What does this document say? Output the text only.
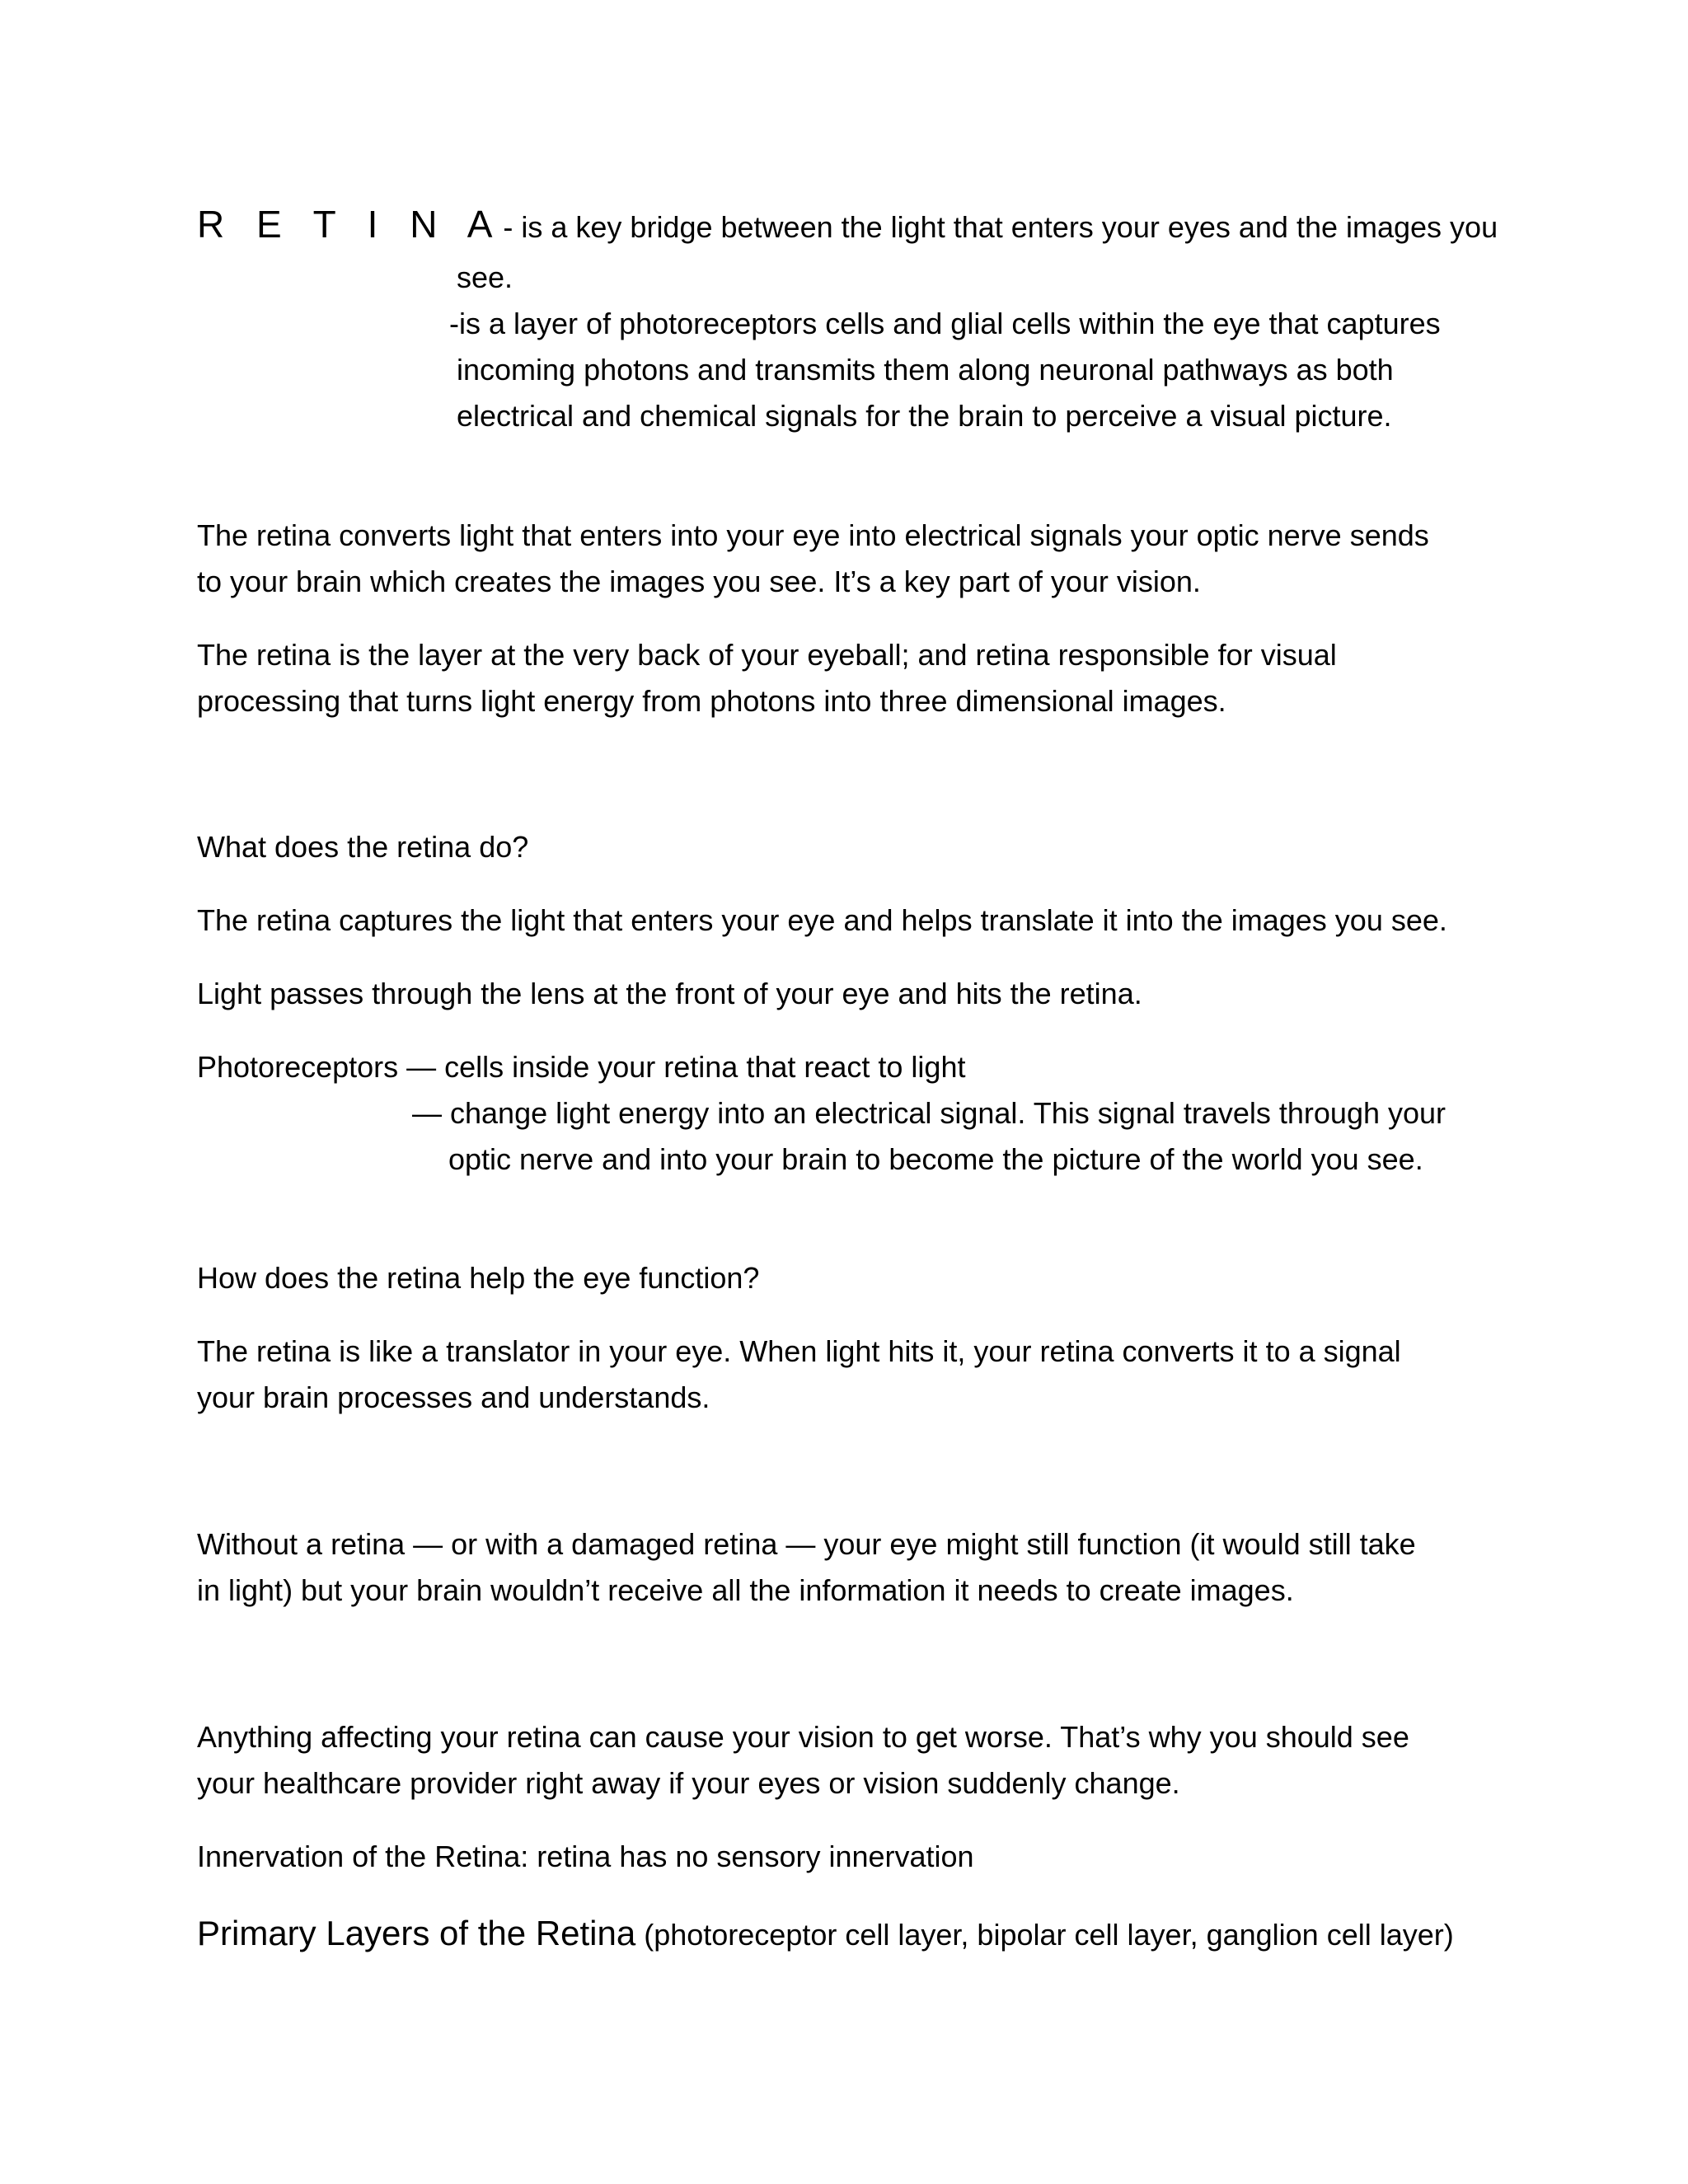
R E T I N A- is a key bridge between the light that enters your eyes and the images you
see.
-is a layer of photoreceptors cells and glial cells within the eye that captures
incoming photons and transmits them along neuronal pathways as both
electrical and chemical signals for the brain to perceive a visual picture.
The retina converts light that enters into your eye into electrical signals your optic nerve sends
to your brain which creates the images you see. It’s a key part of your vision.
The retina is the layer at the very back of your eyeball; and retina responsible for visual
processing that turns light energy from photons into three dimensional images.
What does the retina do?
The retina captures the light that enters your eye and helps translate it into the images you see.
Light passes through the lens at the front of your eye and hits the retina.
Photoreceptors — cells inside your retina that react to light
— change light energy into an electrical signal. This signal travels through your
optic nerve and into your brain to become the picture of the world you see.
How does the retina help the eye function?
The retina is like a translator in your eye. When light hits it, your retina converts it to a signal
your brain processes and understands.
Without a retina — or with a damaged retina — your eye might still function (it would still take
in light) but your brain wouldn’t receive all the information it needs to create images.
Anything affecting your retina can cause your vision to get worse. That’s why you should see
your healthcare provider right away if your eyes or vision suddenly change.
Innervation of the Retina: retina has no sensory innervation
Primary Layers of the Retina (photoreceptor cell layer, bipolar cell layer, ganglion cell layer)
